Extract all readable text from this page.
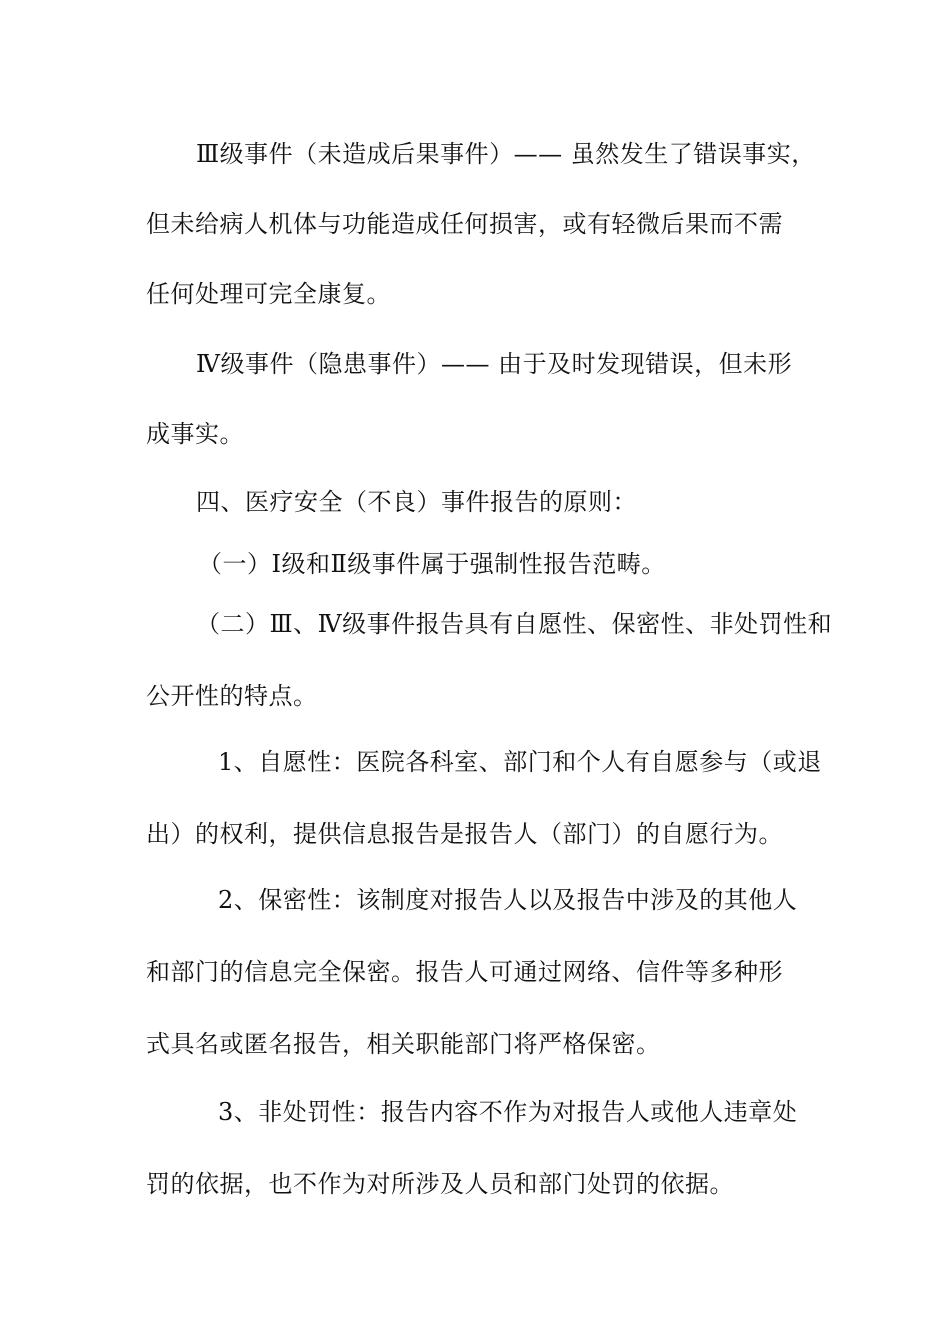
Ⅲ级事件（未造成后果事件）—— 虽然发生了错误事实，
但未给病人机体与功能造成任何损害，或有轻微后果而不需
任何处理可完全康复。
Ⅳ级事件（隐患事件）—— 由于及时发现错误，但未形
成事实。
四、医疗安全（不良）事件报告的原则：
（一）Ⅰ级和Ⅱ级事件属于强制性报告范畴。
（二）Ⅲ、Ⅳ级事件报告具有自愿性、保密性、非处罚性和
公开性的特点。
1、自愿性：医院各科室、部门和个人有自愿参与（或退
出）的权利，提供信息报告是报告人（部门）的自愿行为。
2、保密性：该制度对报告人以及报告中涉及的其他人
和部门的信息完全保密。报告人可通过网络、信件等多种形
式具名或匿名报告，相关职能部门将严格保密。
3、非处罚性：报告内容不作为对报告人或他人违章处
罚的依据，也不作为对所涉及人员和部门处罚的依据。
